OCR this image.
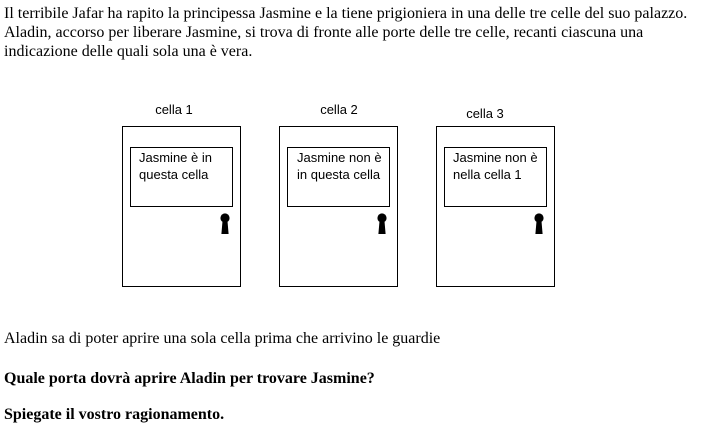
Il terribile Jafar ha rapito la principessa Jasmine e la tiene prigioniera in una delle tre celle del suo palazzo.

Aladin, accorso per liberare Jasmine, si trova di fronte alle porte delle tre celle, recanti ciascuna una indicazione delle quali sola una è vera.

cella 1
Jasmine è in questa cella
cella 2
Jasmine non è in questa cella
cella 3
Jasmine non è nella cella 1

Aladin sa di poter aprire una sola cella prima che arrivino le guardie

Quale porta dovrà aprire Aladin per trovare Jasmine?

Spiegate il vostro ragionamento.
